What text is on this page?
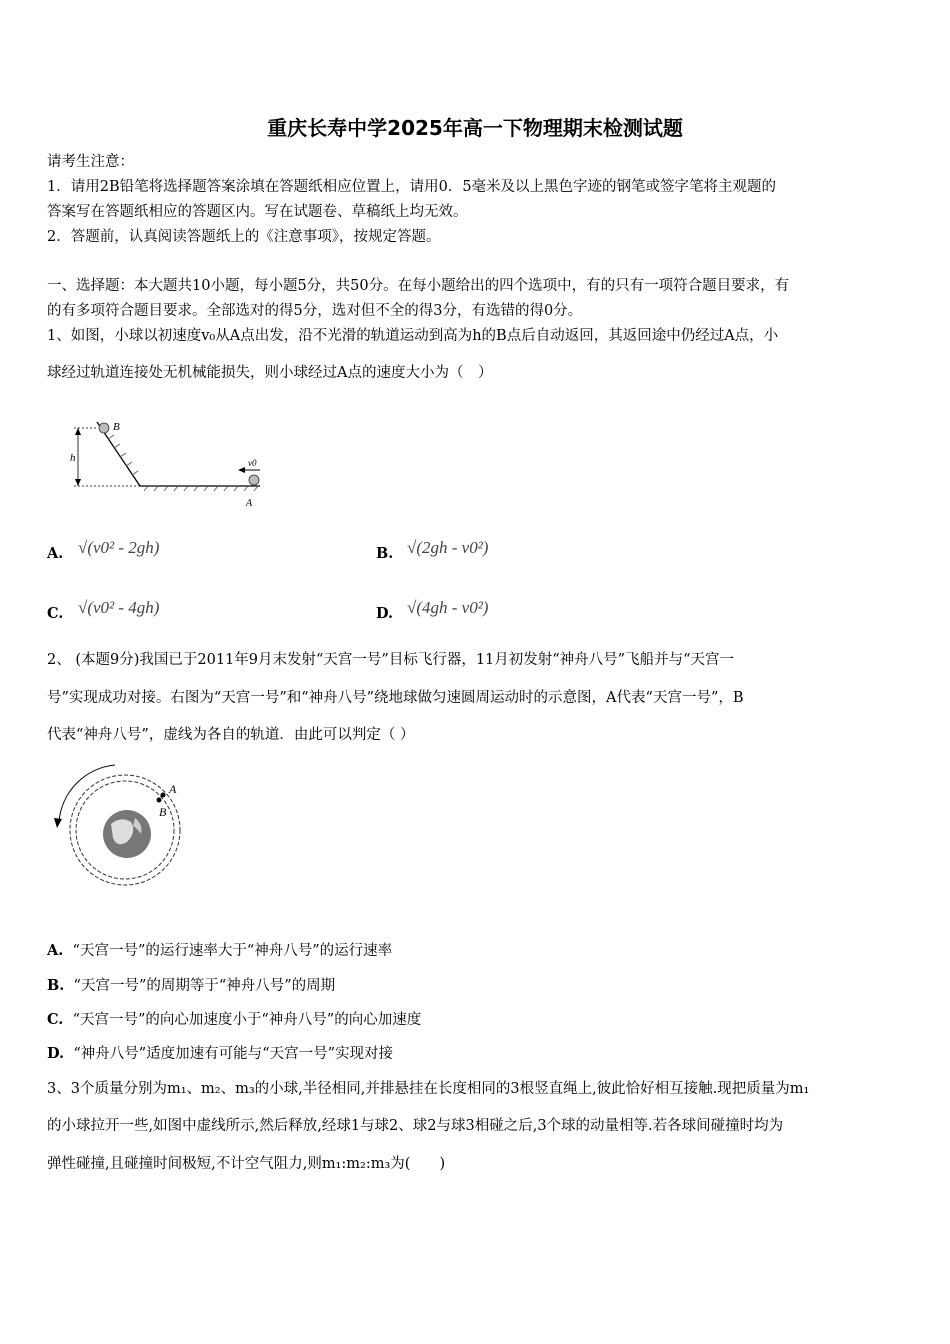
重庆长寿中学2025年高一下物理期末检测试题
请考生注意：
1．请用2B铅笔将选择题答案涂填在答题纸相应位置上，请用0．5毫米及以上黑色字迹的钢笔或签字笔将主观题的
答案写在答题纸相应的答题区内。写在试题卷、草稿纸上均无效。
2．答题前，认真阅读答题纸上的《注意事项》，按规定答题。
一、选择题：本大题共10小题，每小题5分，共50分。在每小题给出的四个选项中，有的只有一项符合题目要求，有
的有多项符合题目要求。全部选对的得5分，选对但不全的得3分，有选错的得0分。
1、如图，小球以初速度v₀从A点出发，沿不光滑的轨道运动到高为h的B点后自动返回，其返回途中仍经过A点，小
球经过轨道连接处无机械能损失，则小球经过A点的速度大小为（　）
h
B
v0
A
A. √(v0² - 2gh)	B. √(2gh - v0²)
C. √(v0² - 4gh)	D. √(4gh - v0²)
2、 (本题9分)我国已于2011年9月末发射“天宫一号”目标飞行器，11月初发射“神舟八号”飞船并与“天宫一
号”实现成功对接。右图为“天宫一号”和“神舟八号”绕地球做匀速圆周运动时的示意图，A代表“天宫一号”，B
代表“神舟八号”，虚线为各自的轨道．由此可以判定（ ）
A
B
A. “天宫一号”的运行速率大于“神舟八号”的运行速率
B. “天宫一号”的周期等于“神舟八号”的周期
C. “天宫一号”的向心加速度小于“神舟八号”的向心加速度
D. “神舟八号”适度加速有可能与“天宫一号”实现对接
3、3个质量分别为m₁、m₂、m₃的小球,半径相同,并排悬挂在长度相同的3根竖直绳上,彼此恰好相互接触.现把质量为m₁
的小球拉开一些,如图中虚线所示,然后释放,经球1与球2、球2与球3相碰之后,3个球的动量相等.若各球间碰撞时均为
弹性碰撞,且碰撞时间极短,不计空气阻力,则m₁:m₂:m₃为(　　)
